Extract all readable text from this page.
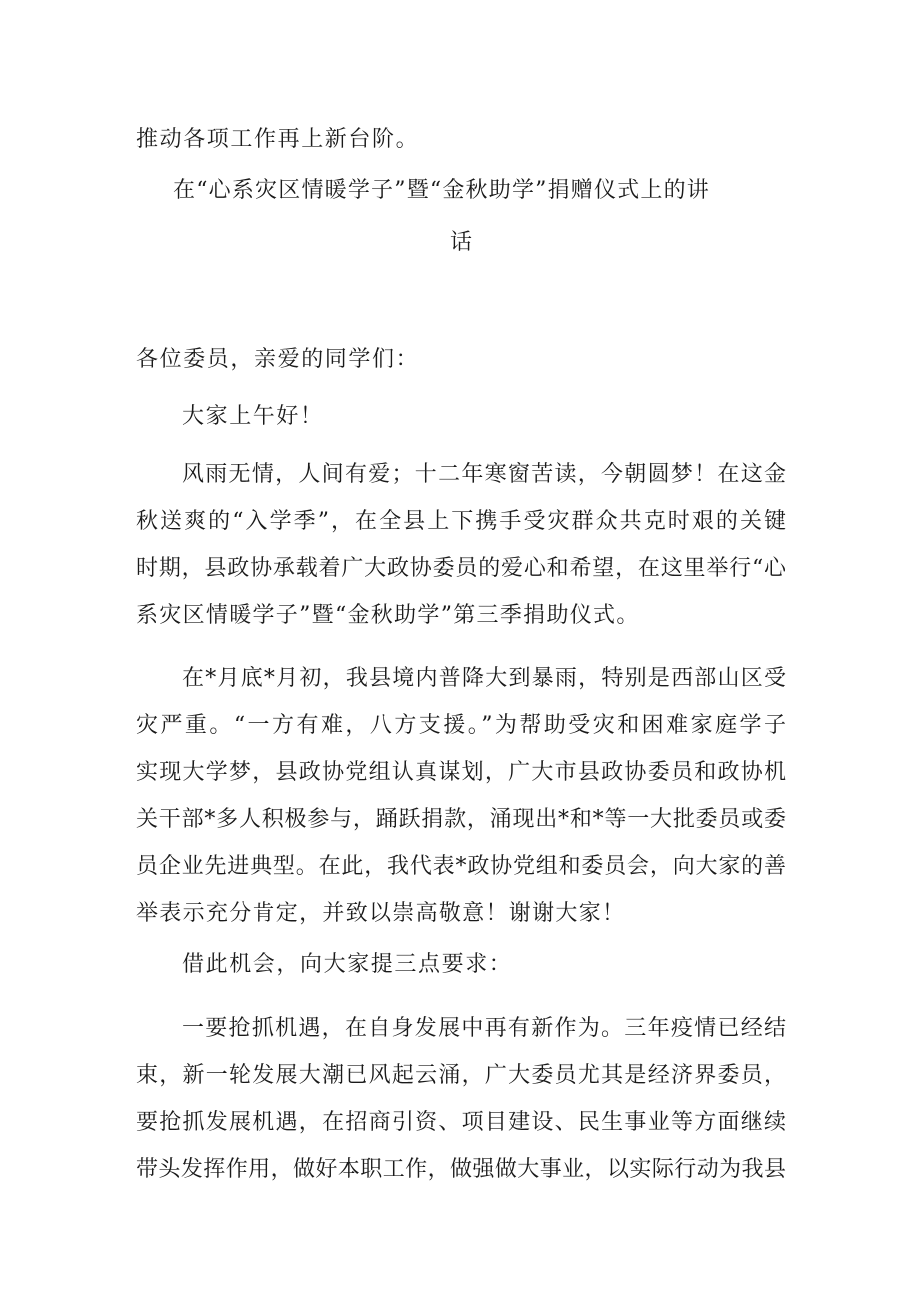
推动各项工作再上新台阶。
在“心系灾区情暖学子”暨“金秋助学”捐赠仪式上的讲
话
各位委员，亲爱的同学们：
大家上午好！
风雨无情，人间有爱；十二年寒窗苦读，今朝圆梦！在这金
秋送爽的“入学季”，在全县上下携手受灾群众共克时艰的关键
时期，县政协承载着广大政协委员的爱心和希望，在这里举行“心
系灾区情暖学子”暨“金秋助学”第三季捐助仪式。
在*月底*月初，我县境内普降大到暴雨，特别是西部山区受
灾严重。“一方有难，八方支援。”为帮助受灾和困难家庭学子
实现大学梦，县政协党组认真谋划，广大市县政协委员和政协机
关干部*多人积极参与，踊跃捐款，涌现出*和*等一大批委员或委
员企业先进典型。在此，我代表*政协党组和委员会，向大家的善
举表示充分肯定，并致以崇高敬意！谢谢大家！
借此机会，向大家提三点要求：
一要抢抓机遇，在自身发展中再有新作为。三年疫情已经结
束，新一轮发展大潮已风起云涌，广大委员尤其是经济界委员，
要抢抓发展机遇，在招商引资、项目建设、民生事业等方面继续
带头发挥作用，做好本职工作，做强做大事业，以实际行动为我县
